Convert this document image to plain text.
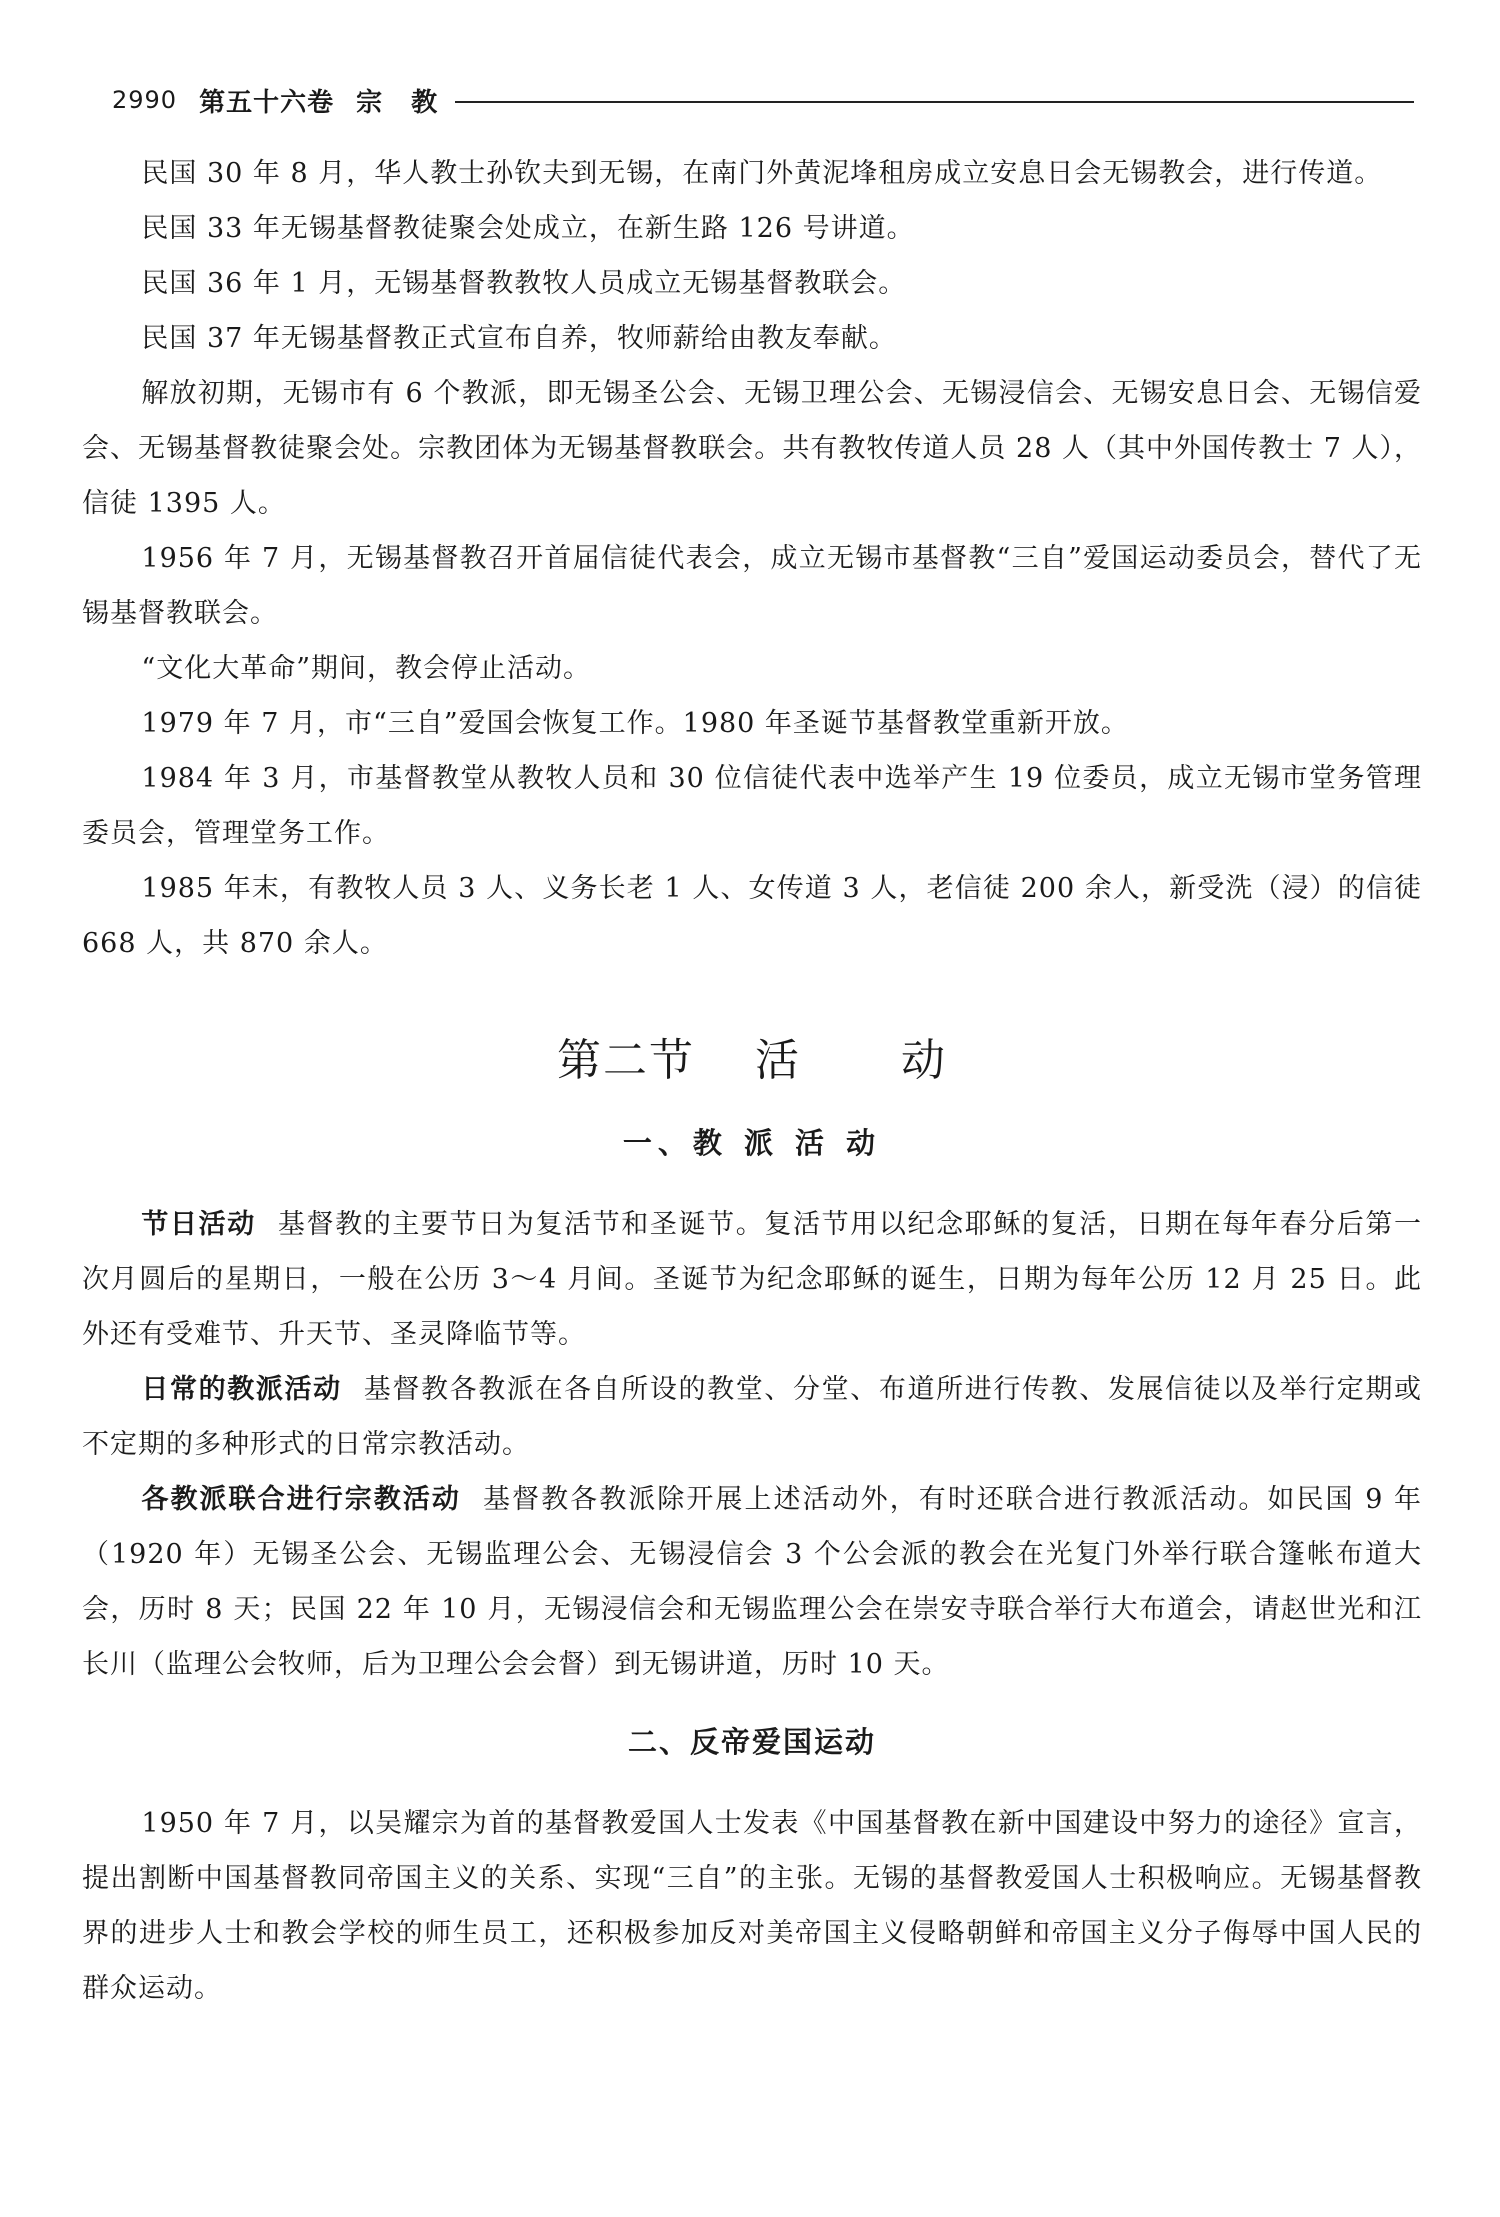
2990 第五十六卷 宗 教

民国 30 年 8 月，华人教士孙钦夫到无锡，在南门外黄泥埄租房成立安息日会无锡教会，进行传道。

民国 33 年无锡基督教徒聚会处成立，在新生路 126 号讲道。

民国 36 年 1 月，无锡基督教教牧人员成立无锡基督教联会。

民国 37 年无锡基督教正式宣布自养，牧师薪给由教友奉献。

解放初期，无锡市有 6 个教派，即无锡圣公会、无锡卫理公会、无锡浸信会、无锡安息日会、无锡信爱会、无锡基督教徒聚会处。宗教团体为无锡基督教联会。共有教牧传道人员 28 人（其中外国传教士 7 人），信徒 1395 人。

1956 年 7 月，无锡基督教召开首届信徒代表会，成立无锡市基督教“三自”爱国运动委员会，替代了无锡基督教联会。

“文化大革命”期间，教会停止活动。

1979 年 7 月，市“三自”爱国会恢复工作。1980 年圣诞节基督教堂重新开放。

1984 年 3 月，市基督教堂从教牧人员和 30 位信徒代表中选举产生 19 位委员，成立无锡市堂务管理委员会，管理堂务工作。

1985 年末，有教牧人员 3 人、义务长老 1 人、女传道 3 人，老信徒 200 余人，新受洗（浸）的信徒 668 人，共 870 余人。

第二节 活 动
一、教 派 活 动

节日活动 基督教的主要节日为复活节和圣诞节。复活节用以纪念耶稣的复活，日期在每年春分后第一次月圆后的星期日，一般在公历 3～4 月间。圣诞节为纪念耶稣的诞生，日期为每年公历 12 月 25 日。此外还有受难节、升天节、圣灵降临节等。

日常的教派活动 基督教各教派在各自所设的教堂、分堂、布道所进行传教、发展信徒以及举行定期或不定期的多种形式的日常宗教活动。

各教派联合进行宗教活动 基督教各教派除开展上述活动外，有时还联合进行教派活动。如民国 9 年（1920 年）无锡圣公会、无锡监理公会、无锡浸信会 3 个公会派的教会在光复门外举行联合篷帐布道大会，历时 8 天；民国 22 年 10 月，无锡浸信会和无锡监理公会在崇安寺联合举行大布道会，请赵世光和江长川（监理公会牧师，后为卫理公会会督）到无锡讲道，历时 10 天。

二、反帝爱国运动

1950 年 7 月，以吴耀宗为首的基督教爱国人士发表《中国基督教在新中国建设中努力的途径》宣言，提出割断中国基督教同帝国主义的关系、实现“三自”的主张。无锡的基督教爱国人士积极响应。无锡基督教界的进步人士和教会学校的师生员工，还积极参加反对美帝国主义侵略朝鲜和帝国主义分子侮辱中国人民的群众运动。
